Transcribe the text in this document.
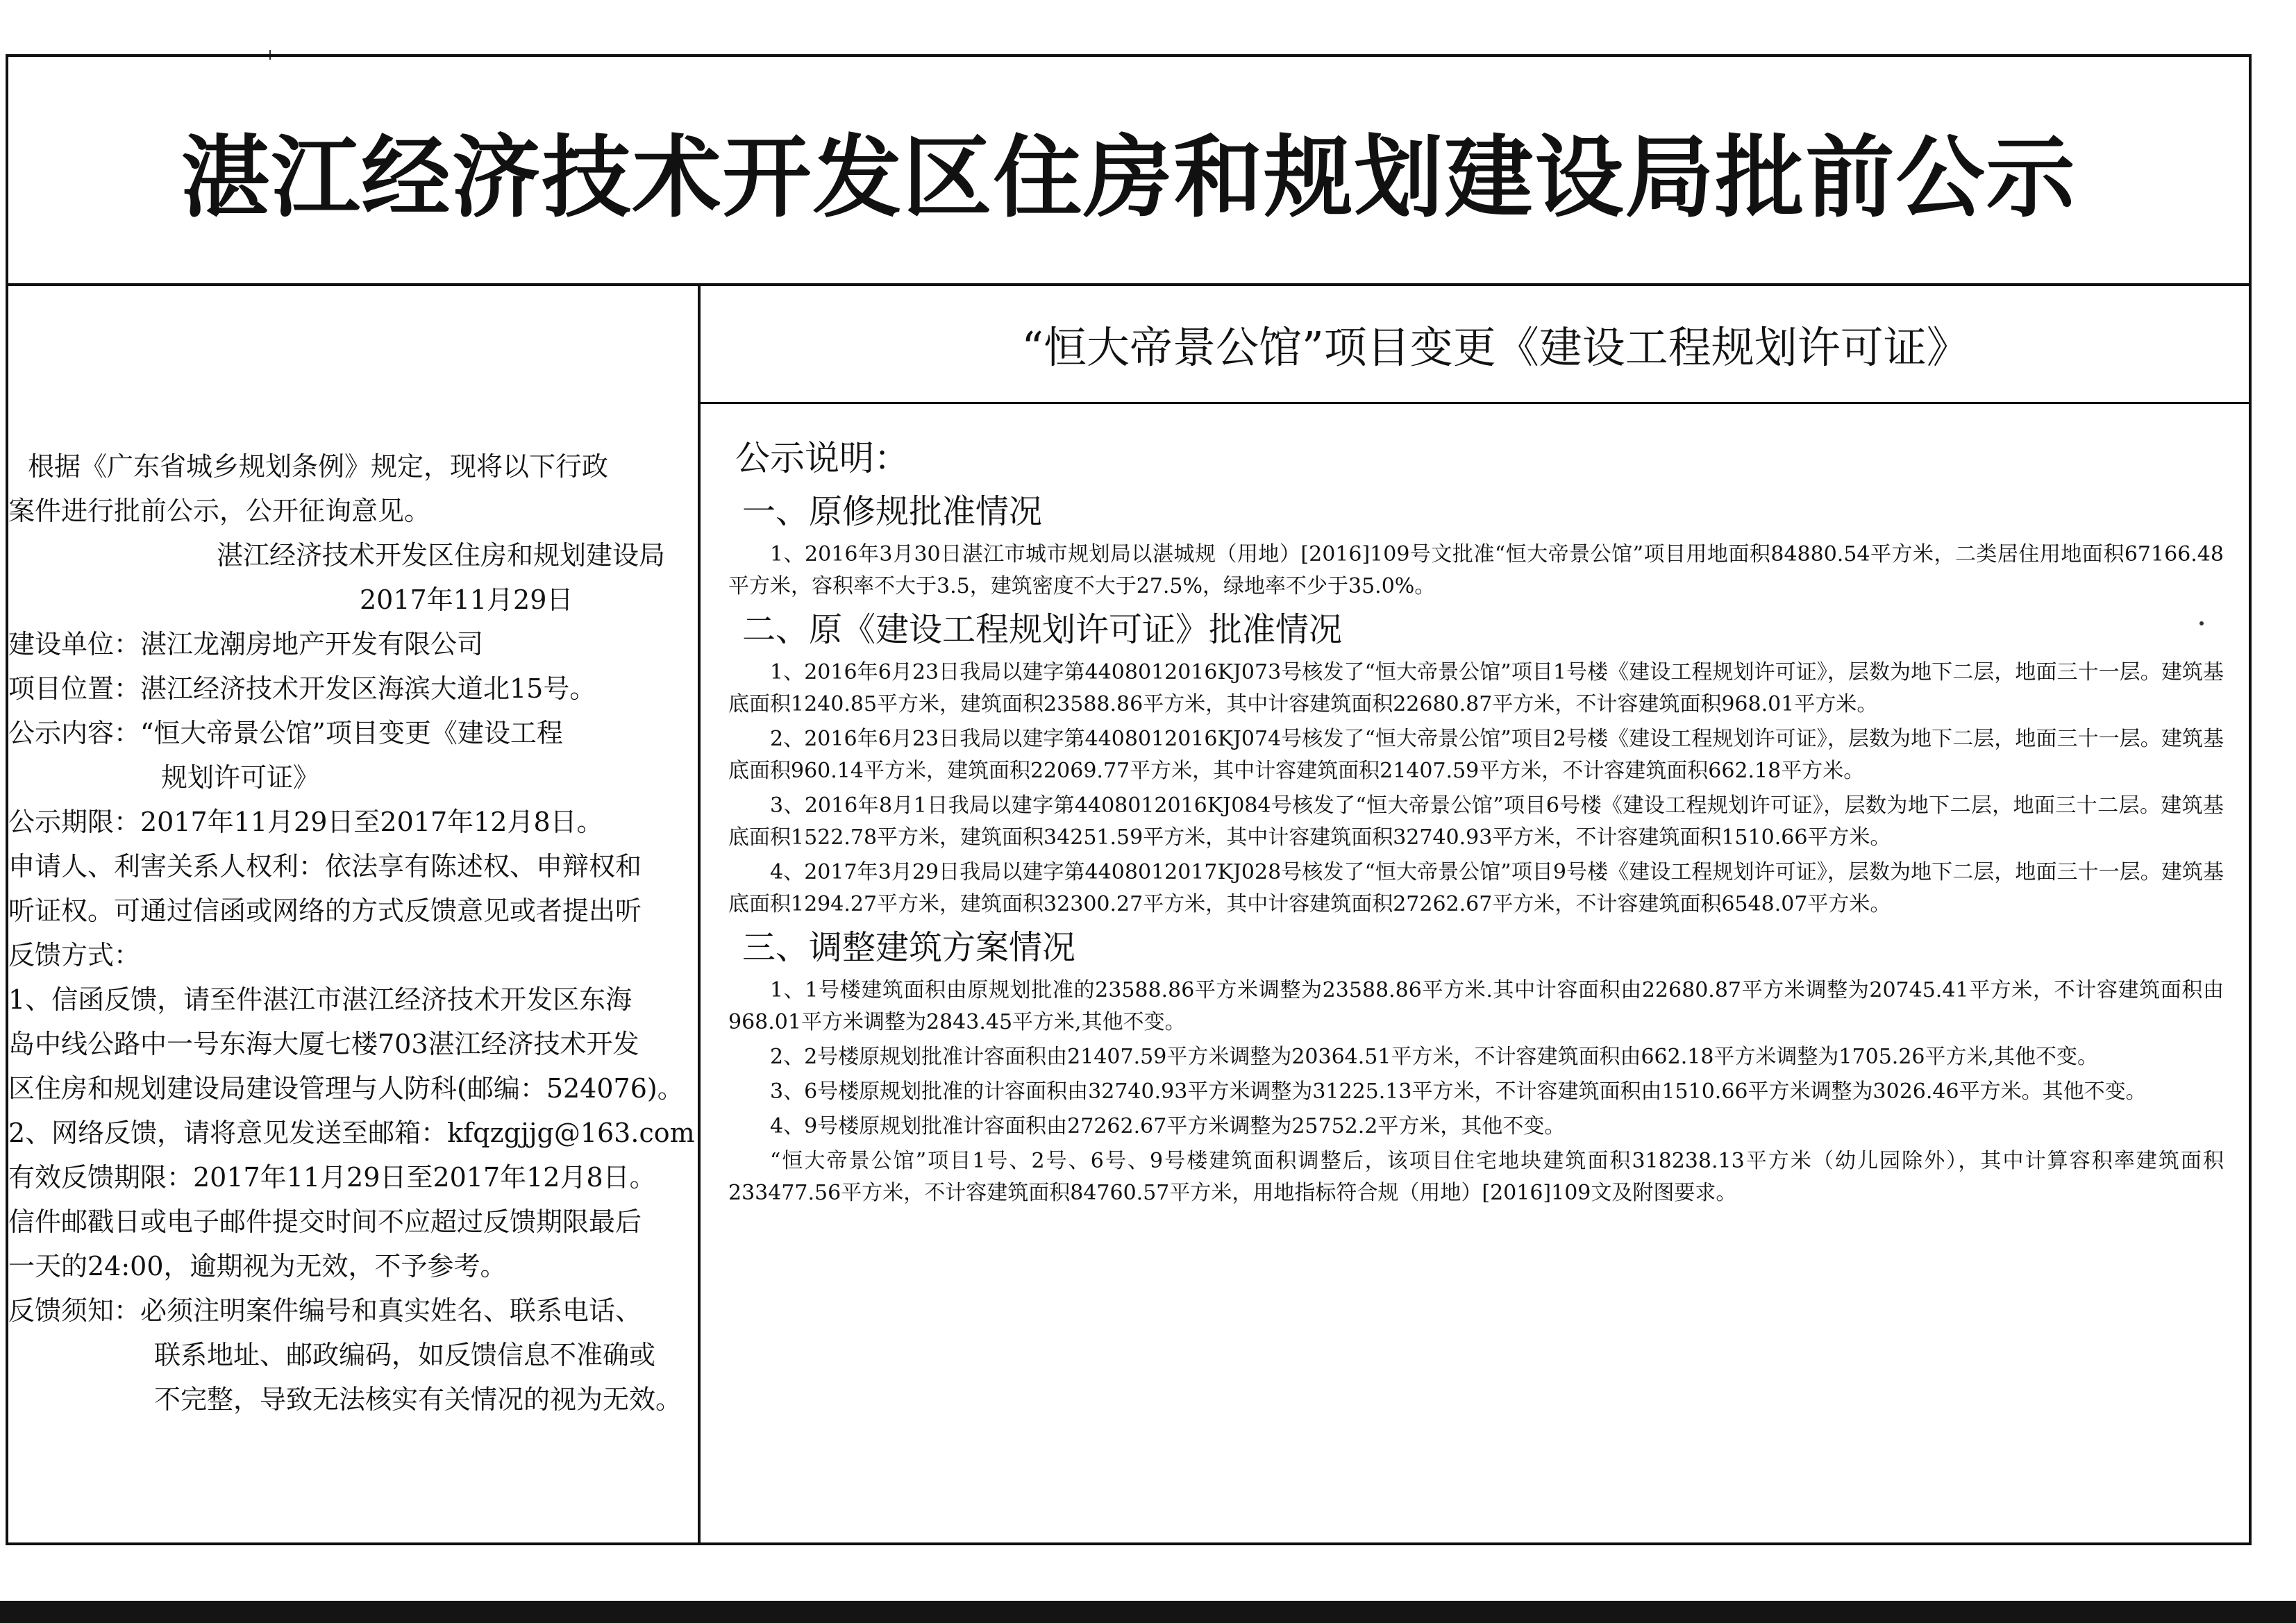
湛江经济技术开发区住房和规划建设局批前公示

根据《广东省城乡规划条例》规定，现将以下行政

案件进行批前公示，公开征询意见。

湛江经济技术开发区住房和规划建设局

2017年11月29日

建设单位：湛江龙潮房地产开发有限公司

项目位置：湛江经济技术开发区海滨大道北15号。

公示内容：“恒大帝景公馆”项目变更《建设工程

规划许可证》

公示期限：2017年11月29日至2017年12月8日。

申请人、利害关系人权利：依法享有陈述权、申辩权和

听证权。可通过信函或网络的方式反馈意见或者提出听

反馈方式：

1、信函反馈，请至件湛江市湛江经济技术开发区东海

岛中线公路中一号东海大厦七楼703湛江经济技术开发

区住房和规划建设局建设管理与人防科(邮编：524076)。

2、网络反馈，请将意见发送至邮箱：kfqzgjjg@163.com

有效反馈期限：2017年11月29日至2017年12月8日。

信件邮戳日或电子邮件提交时间不应超过反馈期限最后

一天的24:00，逾期视为无效，不予参考。

反馈须知：必须注明案件编号和真实姓名、联系电话、

联系地址、邮政编码，如反馈信息不准确或

不完整，导致无法核实有关情况的视为无效。

“恒大帝景公馆”项目变更《建设工程规划许可证》
公示说明：
一、原修规批准情况

1、2016年3月30日湛江市城市规划局以湛城规（用地）[2016]109号文批准“恒大帝景公馆”项目用地面积84880.54平方米，二类居住用地面积67166.48平方米，容积率不大于3.5，建筑密度不大于27.5%，绿地率不少于35.0%。

二、原《建设工程规划许可证》批准情况

1、2016年6月23日我局以建字第4408012016KJ073号核发了“恒大帝景公馆”项目1号楼《建设工程规划许可证》，层数为地下二层，地面三十一层。建筑基底面积1240.85平方米，建筑面积23588.86平方米，其中计容建筑面积22680.87平方米，不计容建筑面积968.01平方米。

2、2016年6月23日我局以建字第4408012016KJ074号核发了“恒大帝景公馆”项目2号楼《建设工程规划许可证》，层数为地下二层，地面三十一层。建筑基底面积960.14平方米，建筑面积22069.77平方米，其中计容建筑面积21407.59平方米，不计容建筑面积662.18平方米。

3、2016年8月1日我局以建字第4408012016KJ084号核发了“恒大帝景公馆”项目6号楼《建设工程规划许可证》，层数为地下二层，地面三十二层。建筑基底面积1522.78平方米，建筑面积34251.59平方米，其中计容建筑面积32740.93平方米，不计容建筑面积1510.66平方米。

4、2017年3月29日我局以建字第4408012017KJ028号核发了“恒大帝景公馆”项目9号楼《建设工程规划许可证》，层数为地下二层，地面三十一层。建筑基底面积1294.27平方米，建筑面积32300.27平方米，其中计容建筑面积27262.67平方米，不计容建筑面积6548.07平方米。

三、调整建筑方案情况

1、1号楼建筑面积由原规划批准的23588.86平方米调整为23588.86平方米.其中计容面积由22680.87平方米调整为20745.41平方米，不计容建筑面积由968.01平方米调整为2843.45平方米,其他不变。

2、2号楼原规划批准计容面积由21407.59平方米调整为20364.51平方米，不计容建筑面积由662.18平方米调整为1705.26平方米,其他不变。

3、6号楼原规划批准的计容面积由32740.93平方米调整为31225.13平方米，不计容建筑面积由1510.66平方米调整为3026.46平方米。其他不变。

4、9号楼原规划批准计容面积由27262.67平方米调整为25752.2平方米，其他不变。

“恒大帝景公馆”项目1号、2号、6号、9号楼建筑面积调整后，该项目住宅地块建筑面积318238.13平方米（幼儿园除外），其中计算容积率建筑面积233477.56平方米，不计容建筑面积84760.57平方米，用地指标符合规（用地）[2016]109文及附图要求。
